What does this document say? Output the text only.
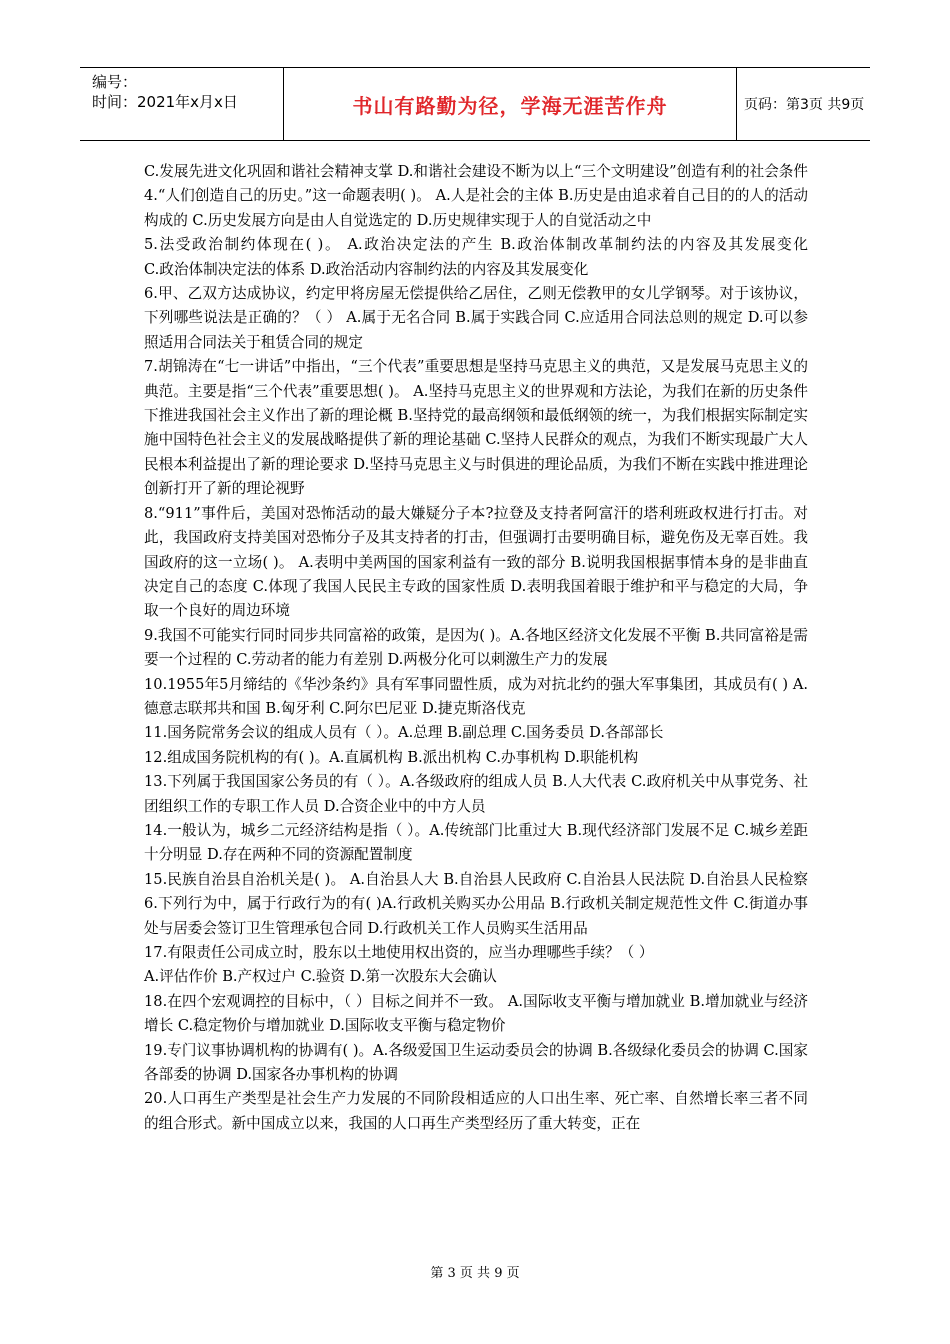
编号：
时间：2021年x月x日	书山有路勤为径，学海无涯苦作舟	页码：第3页 共9页

C.发展先进文化巩固和谐社会精神支掌 D.和谐社会建设不断为以上“三个文明建设”创造有利的社会条件 4.“人们创造自己的历史。”这一命题表明( )。 A.人是社会的主体 B.历史是由追求着自己目的的人的活动构成的 C.历史发展方向是由人自觉选定的 D.历史规律实现于人的自觉活动之中

5.法受政治制约体现在( )。 A.政治决定法的产生 B.政治体制改革制约法的内容及其发展变化　　　　　C.政治体制决定法的体系 D.政治活动内容制约法的内容及其发展变化

6.甲、乙双方达成协议，约定甲将房屋无偿提供给乙居住，乙则无偿教甲的女儿学钢琴。对于该协议，下列哪些说法是正确的？（ ） A.属于无名合同 B.属于实践合同 C.应适用合同法总则的规定 D.可以参照适用合同法关于租赁合同的规定

7.胡锦涛在“七一讲话”中指出，“三个代表”重要思想是坚持马克思主义的典范，又是发展马克思主义的典范。主要是指“三个代表”重要思想( )。 A.坚持马克思主义的世界观和方法论，为我们在新的历史条件下推进我国社会主义作出了新的理论概 B.坚持党的最高纲领和最低纲领的统一，为我们根据实际制定实施中国特色社会主义的发展战略提供了新的理论基础 C.坚持人民群众的观点，为我们不断实现最广大人民根本利益提出了新的理论要求 D.坚持马克思主义与时俱进的理论品质，为我们不断在实践中推进理论创新打开了新的理论视野

8.“911”事件后，美国对恐怖活动的最大嫌疑分子本?拉登及支持者阿富汗的塔利班政权进行打击。对此，我国政府支持美国对恐怖分子及其支持者的打击，但强调打击要明确目标，避免伤及无辜百姓。我国政府的这一立场( )。 A.表明中美两国的国家利益有一致的部分 B.说明我国根据事情本身的是非曲直决定自己的态度 C.体现了我国人民民主专政的国家性质 D.表明我国着眼于维护和平与稳定的大局，争取一个良好的周边环境

9.我国不可能实行同时同步共同富裕的政策，是因为( )。A.各地区经济文化发展不平衡 B.共同富裕是需要一个过程的 C.劳动者的能力有差别 D.两极分化可以刺激生产力的发展

10.1955年5月缔结的《华沙条约》具有军事同盟性质，成为对抗北约的强大军事集团，其成员有( ) A.德意志联邦共和国 B.匈牙利 C.阿尔巴尼亚 D.捷克斯洛伐克

11.国务院常务会议的组成人员有（ ）。A.总理 B.副总理 C.国务委员 D.各部部长

12.组成国务院机构的有( )。A.直属机构 B.派出机构 C.办事机构 D.职能机构

13.下列属于我国国家公务员的有（ ）。A.各级政府的组成人员 B.人大代表 C.政府机关中从事党务、社团组织工作的专职工作人员 D.合资企业中的中方人员

14.一般认为，城乡二元经济结构是指（ ）。A.传统部门比重过大 B.现代经济部门发展不足 C.城乡差距十分明显 D.存在两种不同的资源配置制度

15.民族自治县自治机关是( )。 A.自治县人大 B.自治县人民政府 C.自治县人民法院 D.自治县人民检察 6.下列行为中，属于行政行为的有( )A.行政机关购买办公用品 B.行政机关制定规范性文件 C.街道办事处与居委会签订卫生管理承包合同 D.行政机关工作人员购买生活用品

17.有限责任公司成立时，股东以土地使用权出资的，应当办理哪些手续？（ ）

A.评估作价 B.产权过户 C.验资 D.第一次股东大会确认

18.在四个宏观调控的目标中，（ ）目标之间并不一致。 A.国际收支平衡与增加就业 B.增加就业与经济增长 C.稳定物价与增加就业 D.国际收支平衡与稳定物价

19.专门议事协调机构的协调有( )。A.各级爱国卫生运动委员会的协调 B.各级绿化委员会的协调 C.国家各部委的协调 D.国家各办事机构的协调

20.人口再生产类型是社会生产力发展的不同阶段相适应的人口出生率、死亡率、自然增长率三者不同的组合形式。新中国成立以来，我国的人口再生产类型经历了重大转变，正在

第 3 页 共 9 页
